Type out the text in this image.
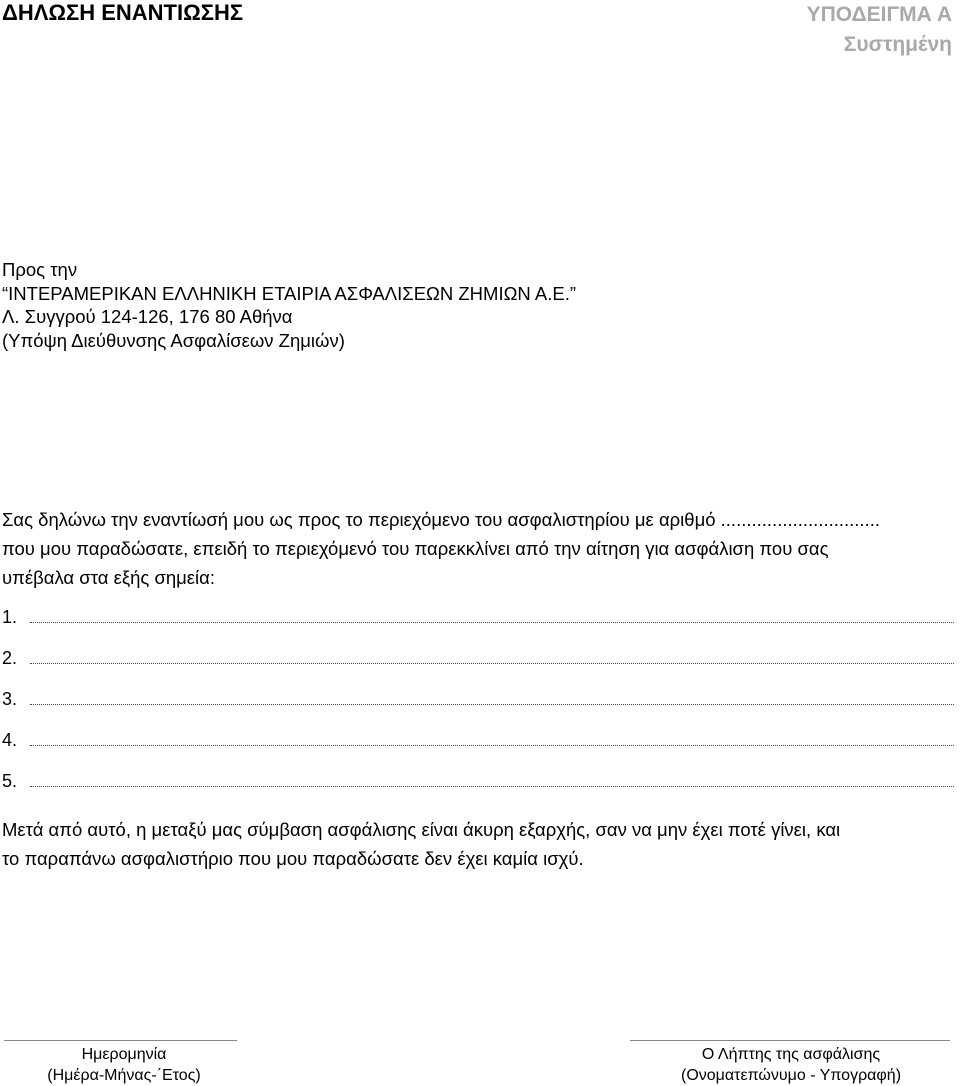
ΔΗΛΩΣΗ ΕΝΑΝΤΙΩΣΗΣ	ΥΠΟΔΕΙΓΜΑ Α
Συστημένη
Προς την
“ΙΝΤΕΡΑΜΕΡΙΚΑΝ ΕΛΛΗΝΙΚΗ ΕΤΑΙΡΙΑ ΑΣΦΑΛΙΣΕΩΝ ΖΗΜΙΩΝ Α.Ε.”
Λ. Συγγρού 124-126, 176 80 Αθήνα
(Υπόψη Διεύθυνσης Ασφαλίσεων Ζημιών)
Σας δηλώνω την εναντίωσή μου ως προς το περιεχόμενο του ασφαλιστηρίου με αριθμό ...............................
που μου παραδώσατε, επειδή το περιεχόμενό του παρεκκλίνει από την αίτηση για ασφάλιση που σας
υπέβαλα στα εξής σημεία:
1.
2.
3.
4.
5.
Μετά από αυτό, η μεταξύ μας σύμβαση ασφάλισης είναι άκυρη εξαρχής, σαν να μην έχει ποτέ γίνει, και
το παραπάνω ασφαλιστήριο που μου παραδώσατε δεν έχει καμία ισχύ.
Ημερομηνία
(Ημέρα-Μήνας-΄Ετος)
Ο Λήπτης της ασφάλισης
(Ονοματεπώνυμο - Υπογραφή)
